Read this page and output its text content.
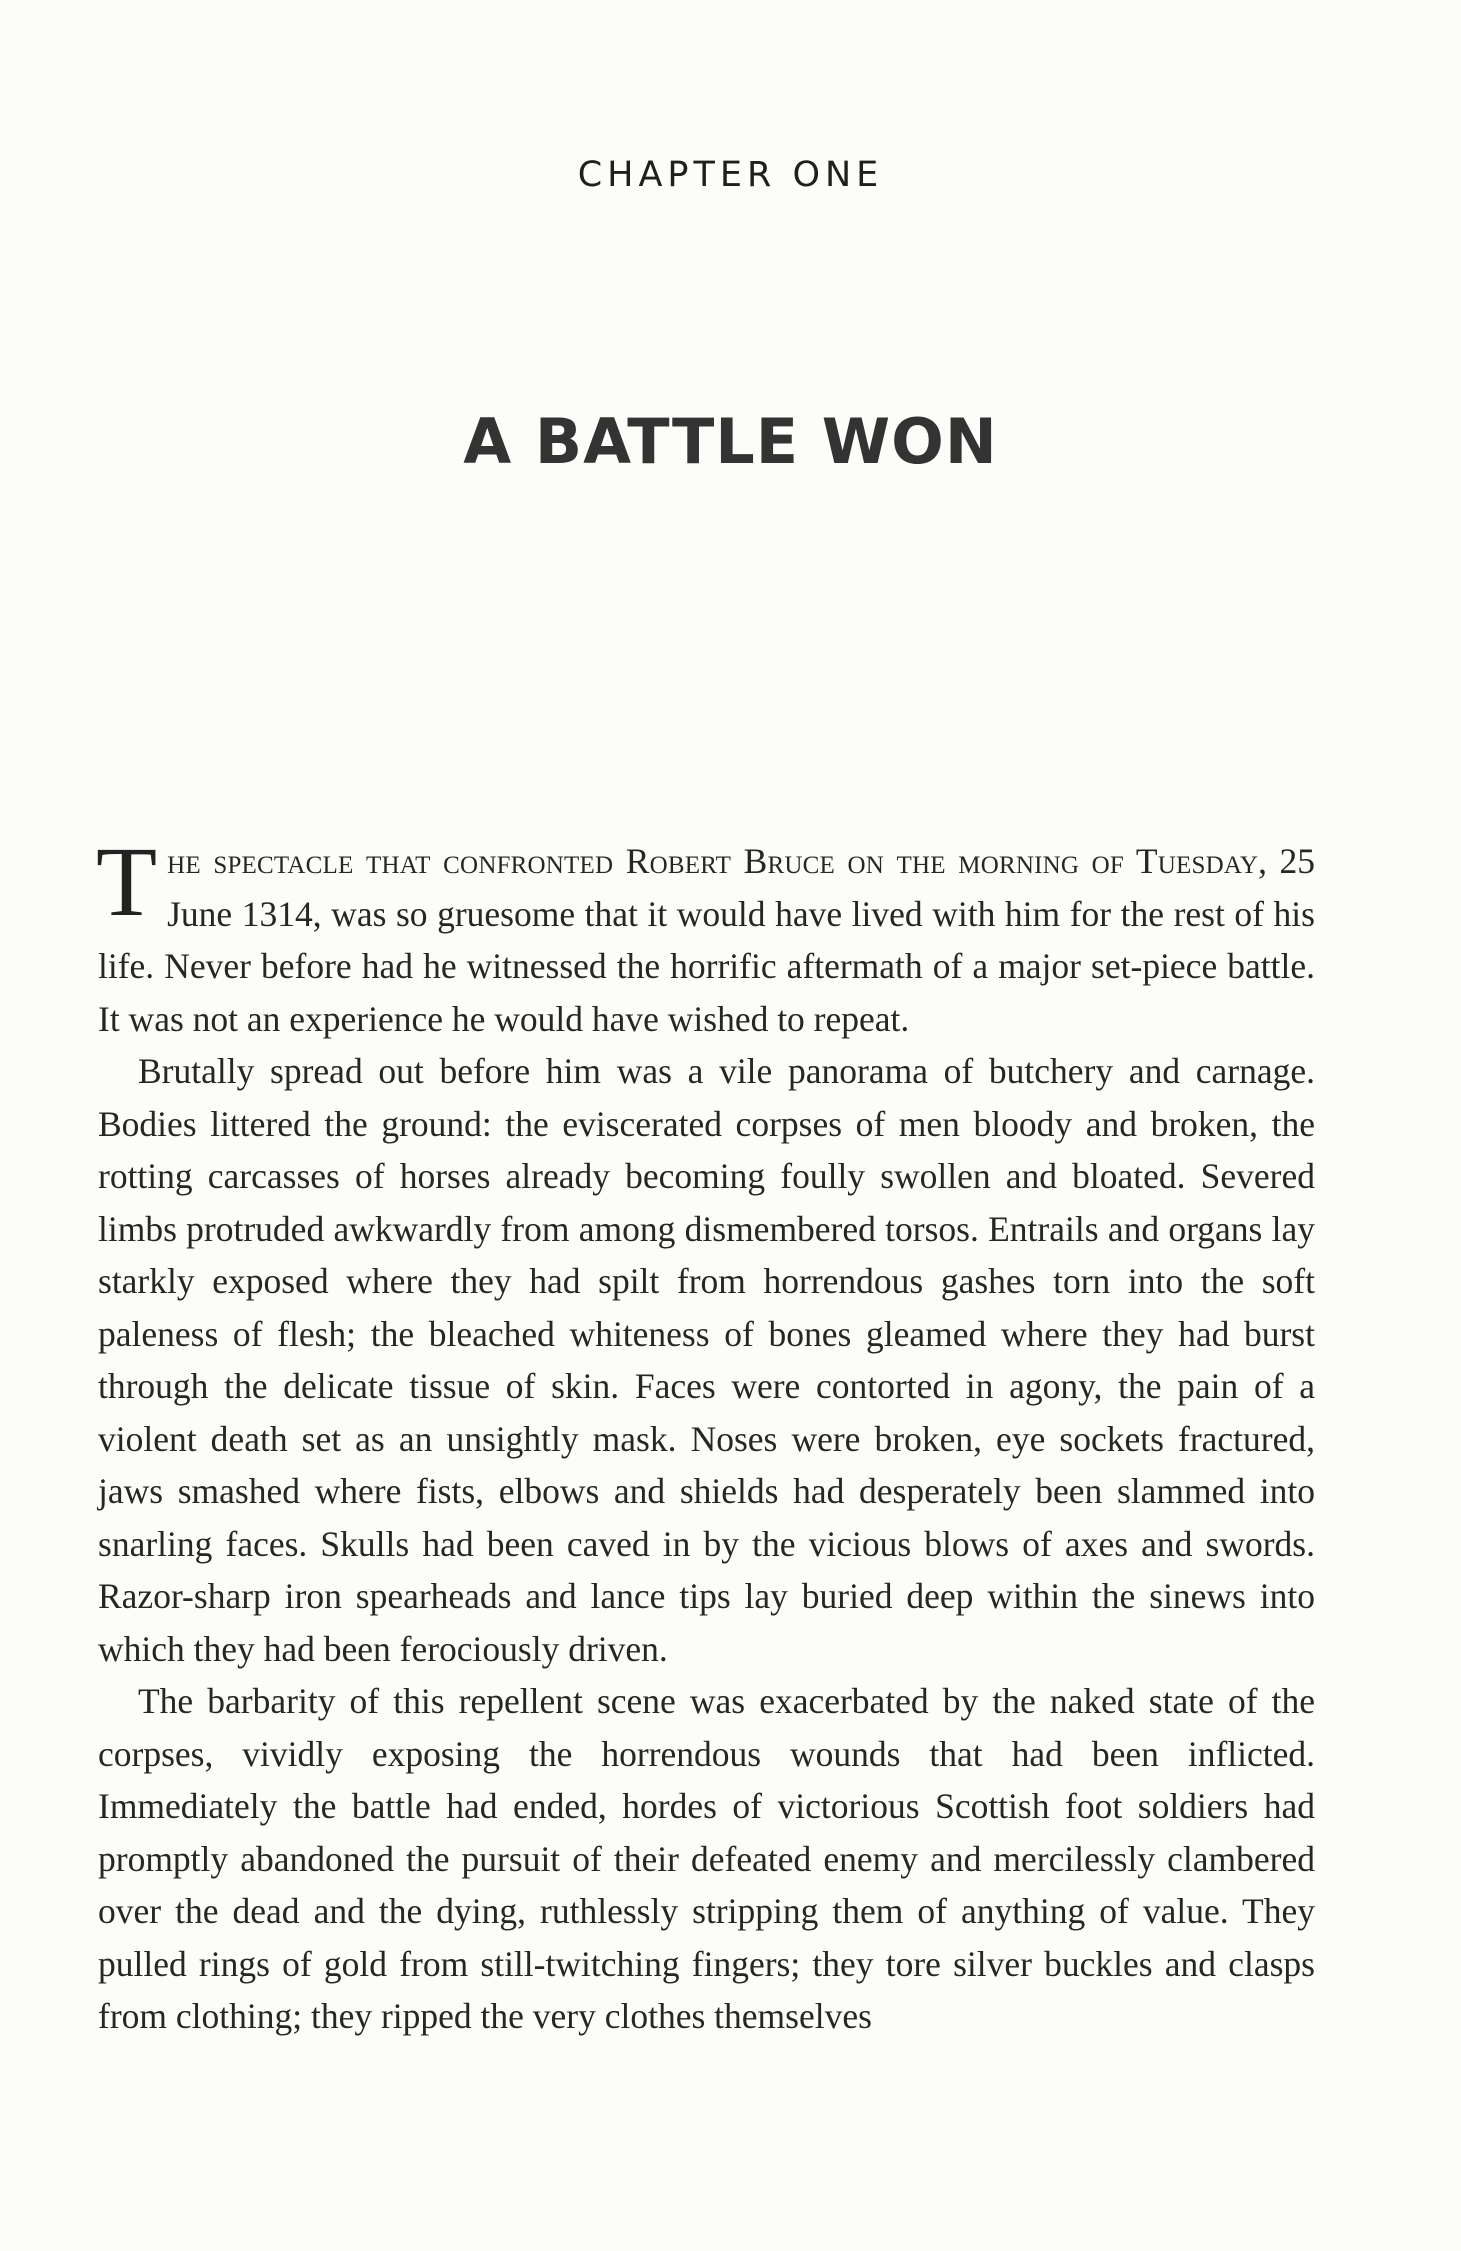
CHAPTER ONE
A BATTLE WON

The spectacle that confronted Robert Bruce on the morning of Tuesday, 25 June 1314, was so gruesome that it would have lived with him for the rest of his life. Never before had he witnessed the horrific aftermath of a major set-piece battle. It was not an experience he would have wished to repeat.

Brutally spread out before him was a vile panorama of butchery and carnage. Bodies littered the ground: the eviscerated corpses of men bloody and broken, the rotting carcasses of horses already becoming foully swollen and bloated. Severed limbs protruded awkwardly from among dismembered torsos. Entrails and organs lay starkly exposed where they had spilt from horrendous gashes torn into the soft paleness of flesh; the bleached whiteness of bones gleamed where they had burst through the delicate tissue of skin. Faces were contorted in agony, the pain of a violent death set as an unsightly mask. Noses were broken, eye sockets fractured, jaws smashed where fists, elbows and shields had desperately been slammed into snarling faces. Skulls had been caved in by the vicious blows of axes and swords. Razor-sharp iron spearheads and lance tips lay buried deep within the sinews into which they had been ferociously driven.

The barbarity of this repellent scene was exacerbated by the naked state of the corpses, vividly exposing the horrendous wounds that had been inflicted. Immediately the battle had ended, hordes of victorious Scottish foot soldiers had promptly abandoned the pursuit of their defeated enemy and mercilessly clambered over the dead and the dying, ruthlessly stripping them of anything of value. They pulled rings of gold from still-twitching fingers; they tore silver buckles and clasps from clothing; they ripped the very clothes themselves
